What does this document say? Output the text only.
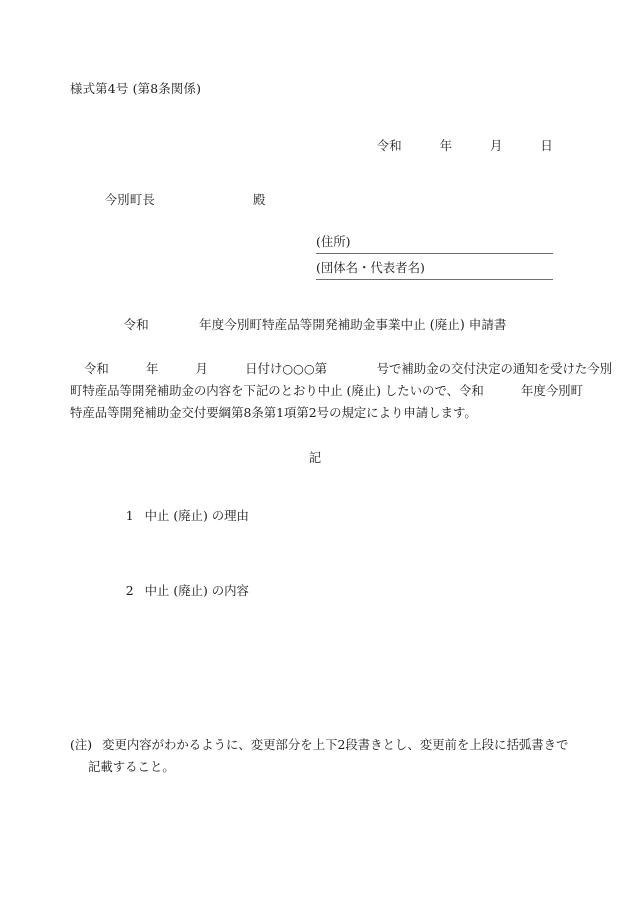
様式第4号 (第8条関係)

令和　　　年　　　月　　　日

今別町長	殿

(住所)
(団体名・代表者名)
令和　　　　年度今別町特産品等開発補助金事業中止 (廃止) 申請書
令和　　　年　　　月　　　日付け○○○第　　　　号で補助金の交付決定の通知を受けた今別
町特産品等開発補助金の内容を下記のとおり中止 (廃止) したいので、令和　　　年度今別町
特産品等開発補助金交付要綱第8条第1項第2号の規定により申請します。
記

1 中止 (廃止) の理由

2 中止 (廃止) の内容

(注) 変更内容がわかるように、変更部分を上下2段書きとし、変更前を上段に括弧書きで
記載すること。
